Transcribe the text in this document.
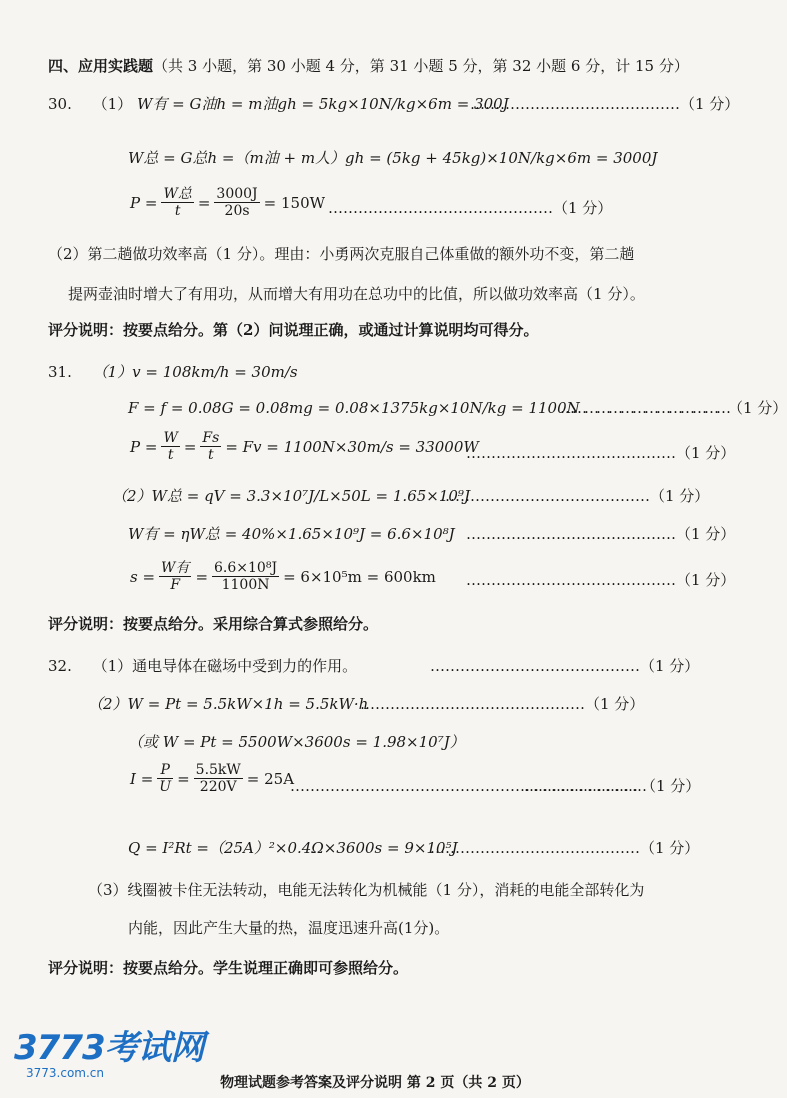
四、应用实践题（共 3 小题，第 30 小题 4 分，第 31 小题 5 分，第 32 小题 6 分，计 15 分）
30. （1） W有 = G油h = m油gh = 5kg×10N/kg×6m = 300J
……………………………………（1 分）
W总 = G总h =（m油 + m人）gh = (5kg + 45kg)×10N/kg×6m = 3000J
$P = \frac{\text{W总}}{t} = \frac{3000J}{20s} = 150W$ ………………………………………（1 分）
（2）第二趟做功效率高（1 分）。理由：小勇两次克服自己体重做的额外功不变，第二趟
提两壶油时增大了有用功，从而增大有用功在总功中的比值，所以做功效率高（1 分）。
评分说明：按要点给分。第（2）问说理正确，或通过计算说明均可得分。
31. （1）v = 108km/h = 30m/s
F = f = 0.08G = 0.08mg = 0.08×1375kg×10N/kg = 1100N
……………………………………（1 分）
$P = \frac{W}{t} = \frac{Fs}{t} = Fv = 1100N\times 30m/s = 33000W$
……………………………………（1 分）
（2）W总 = qV = 3.3×10⁷J/L×50L = 1.65×10⁹J
……………………………………（1 分）
W有 = ηW总 = 40%×1.65×10⁹J = 6.6×10⁸J ……………………………………（1 分）
$s = \frac{\text{W有}}{F} = \frac{\text{6.6×10⁸J}}{1100N} = 6\times 10^5m = 600km$ ……………………………………（1 分）
评分说明：按要点给分。采用综合算式参照给分。
32. （1）通电导体在磁场中受到力的作用。	……………………………………（1 分）
（2）W = Pt = 5.5kW×1h = 5.5kW·h
………………………………………（1 分）
（或 W = Pt = 5500W×3600s = 1.98×10⁷J）
$I = \frac{P}{U} = \frac{5.5kW}{220V} = 25A$
……………………………………………………………………………（1 分）
Q = I²Rt =（25A）²×0.4Ω×3600s = 9×10⁵J
……………………………………（1 分）
（3）线圈被卡住无法转动，电能无法转化为机械能（1 分），消耗的电能全部转化为
内能，因此产生大量的热，温度迅速升高(1分)。
评分说明：按要点给分。学生说理正确即可参照给分。
3773考试网
3773.com.cn
物理试题参考答案及评分说明 第 2 页（共 2 页）
